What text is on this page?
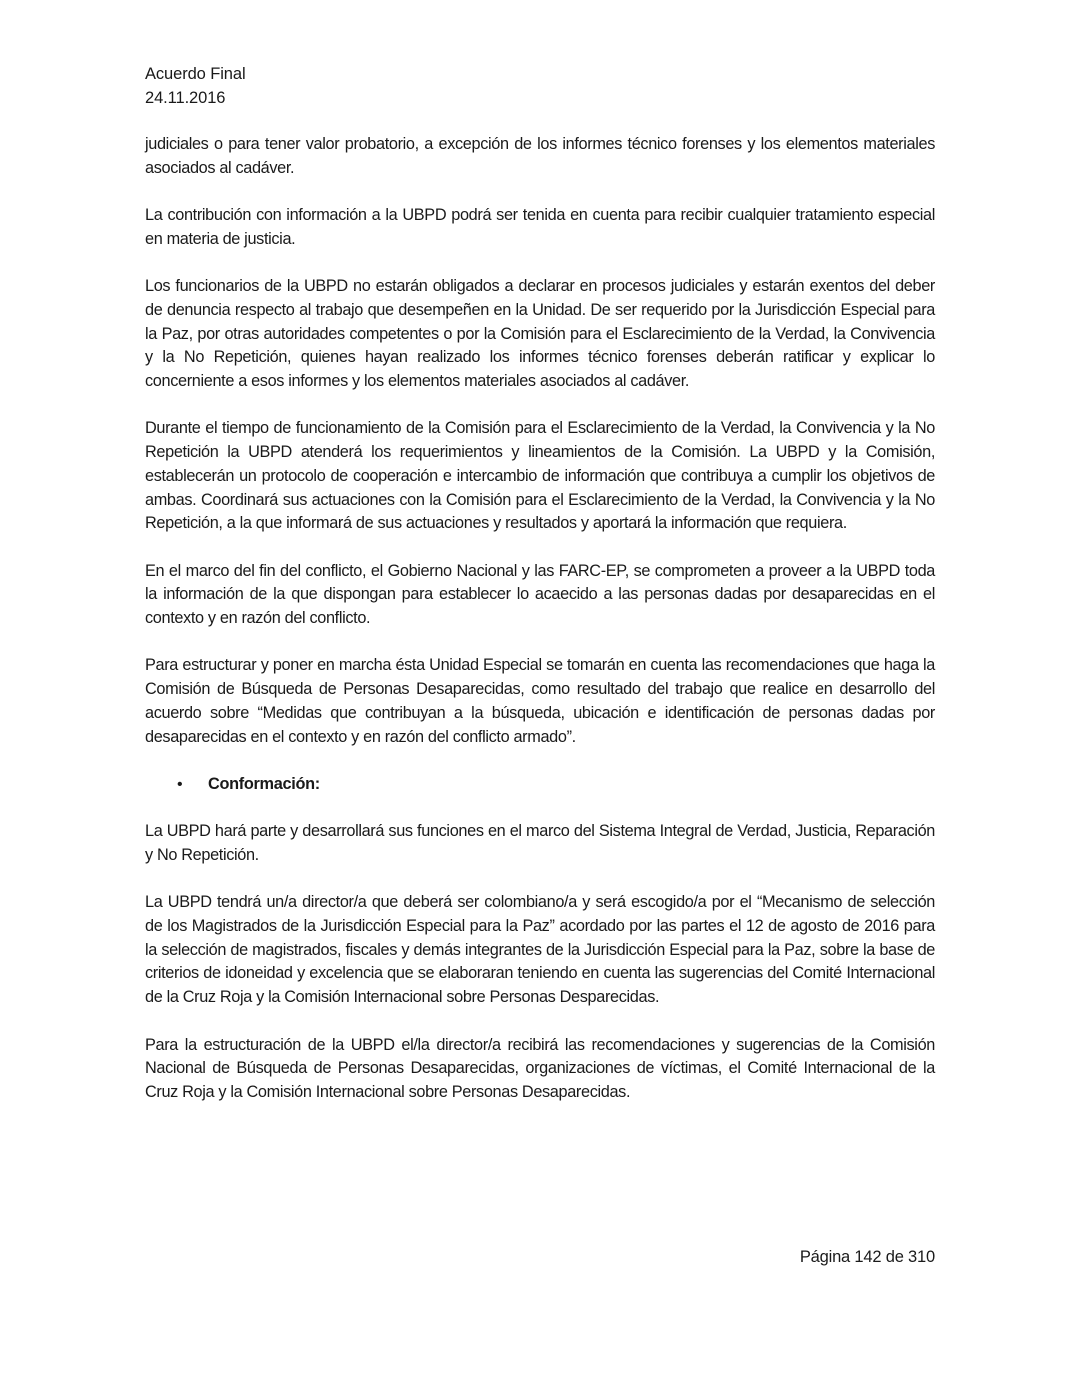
Acuerdo Final

24.11.2016

judiciales o para tener valor probatorio, a excepción de los informes técnico forenses y los elementos materiales asociados al cadáver.

La contribución con información a la UBPD podrá ser tenida en cuenta para recibir cualquier tratamiento especial en materia de justicia.

Los funcionarios de la UBPD no estarán obligados a declarar en procesos judiciales y estarán exentos del deber de denuncia respecto al trabajo que desempeñen en la Unidad. De ser requerido por la Jurisdicción Especial para la Paz, por otras autoridades competentes o por la Comisión para el Esclarecimiento de la Verdad, la Convivencia y la No Repetición, quienes hayan realizado los informes técnico forenses deberán ratificar y explicar lo concerniente a esos informes y los elementos materiales asociados al cadáver.

Durante el tiempo de funcionamiento de la Comisión para el Esclarecimiento de la Verdad, la Convivencia y la No Repetición la UBPD atenderá los requerimientos y lineamientos de la Comisión. La UBPD y la Comisión, establecerán un protocolo de cooperación e intercambio de información que contribuya a cumplir los objetivos de ambas. Coordinará sus actuaciones con la Comisión para el Esclarecimiento de la Verdad, la Convivencia y la No Repetición, a la que informará de sus actuaciones y resultados y aportará la información que requiera.

En el marco del fin del conflicto, el Gobierno Nacional y las FARC-EP, se comprometen a proveer a la UBPD toda la información de la que dispongan para establecer lo acaecido a las personas dadas por desaparecidas en el contexto y en razón del conflicto.

Para estructurar y poner en marcha ésta Unidad Especial se tomarán en cuenta las recomendaciones que haga la Comisión de Búsqueda de Personas Desaparecidas, como resultado del trabajo que realice en desarrollo del acuerdo sobre “Medidas que contribuyan a la búsqueda, ubicación e identificación de personas dadas por desaparecidas en el contexto y en razón del conflicto armado”.

•	Conformación:

La UBPD hará parte y desarrollará sus funciones en el marco del Sistema Integral de Verdad, Justicia, Reparación y No Repetición.

La UBPD tendrá un/a director/a que deberá ser colombiano/a y será escogido/a por el “Mecanismo de selección de los Magistrados de la Jurisdicción Especial para la Paz” acordado por las partes el 12 de agosto de 2016 para la selección de magistrados, fiscales y demás integrantes de la Jurisdicción Especial para la Paz, sobre la base de criterios de idoneidad y excelencia que se elaboraran teniendo en cuenta las sugerencias del Comité Internacional de la Cruz Roja y la Comisión Internacional sobre Personas Desparecidas.

Para la estructuración de la UBPD el/la director/a recibirá las recomendaciones y sugerencias de la Comisión Nacional de Búsqueda de Personas Desaparecidas, organizaciones de víctimas, el Comité Internacional de la Cruz Roja y la Comisión Internacional sobre Personas Desaparecidas.

Página 142 de 310
